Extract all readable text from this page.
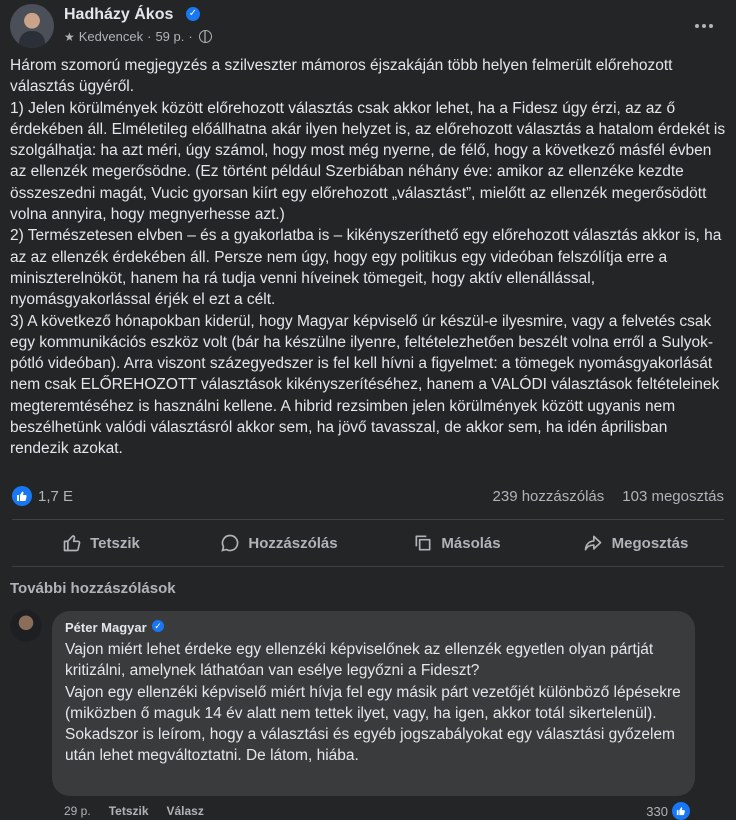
Hadházy Ákos ✓
★ Kedvencek · 59 p. ·

Három szomorú megjegyzés a szilveszter mámoros éjszakáján több helyen felmerült előrehozott választás ügyéről.

1) Jelen körülmények között előrehozott választás csak akkor lehet, ha a Fidesz úgy érzi, az az ő érdekében áll. Elméletileg előállhatna akár ilyen helyzet is, az előrehozott választás a hatalom érdekét is szolgálhatja: ha azt méri, úgy számol, hogy most még nyerne, de félő, hogy a következő másfél évben az ellenzék megerősödne. (Ez történt például Szerbiában néhány éve: amikor az ellenzéke kezdte összeszedni magát, Vucic gyorsan kiírt egy előrehozott „választást”, mielőtt az ellenzék megerősödött volna annyira, hogy megnyerhesse azt.)

2) Természetesen elvben – és a gyakorlatba is – kikényszeríthető egy előrehozott választás akkor is, ha az az ellenzék érdekében áll. Persze nem úgy, hogy egy politikus egy videóban felszólítja erre a miniszterelnököt, hanem ha rá tudja venni híveinek tömegeit, hogy aktív ellenállással, nyomásgyakorlással érjék el ezt a célt.

3) A következő hónapokban kiderül, hogy Magyar képviselő úr készül-e ilyesmire, vagy a felvetés csak egy kommunikációs eszköz volt (bár ha készülne ilyenre, feltételezhetően beszélt volna erről a Sulyok-pótló videóban). Arra viszont százegyedszer is fel kell hívni a figyelmet: a tömegek nyomásgyakorlását nem csak ELŐREHOZOTT választások kikényszerítéséhez, hanem a VALÓDI választások feltételeinek megteremtéséhez is használni kellene. A hibrid rezsimben jelen körülmények között ugyanis nem beszélhetünk valódi választásról akkor sem, ha jövő tavasszal, de akkor sem, ha idén áprilisban rendezik azokat.

1,7 E	239 hozzászólás 103 megosztás
Tetszik	Hozzászólás	Másolás	Megosztás
További hozzászólások
Péter Magyar ✓

Vajon miért lehet érdeke egy ellenzéki képviselőnek az ellenzék egyetlen olyan pártját kritizálni, amelynek láthatóan van esélye legyőzni a Fideszt?

Vajon egy ellenzéki képviselő miért hívja fel egy másik párt vezetőjét különböző lépésekre (miközben ő maguk 14 év alatt nem tettek ilyet, vagy, ha igen, akkor totál sikertelenül).

Sokadszor is leírom, hogy a választási és egyéb jogszabályokat egy választási győzelem után lehet megváltoztatni. De látom, hiába.

29 p. Tetszik Válasz	330
